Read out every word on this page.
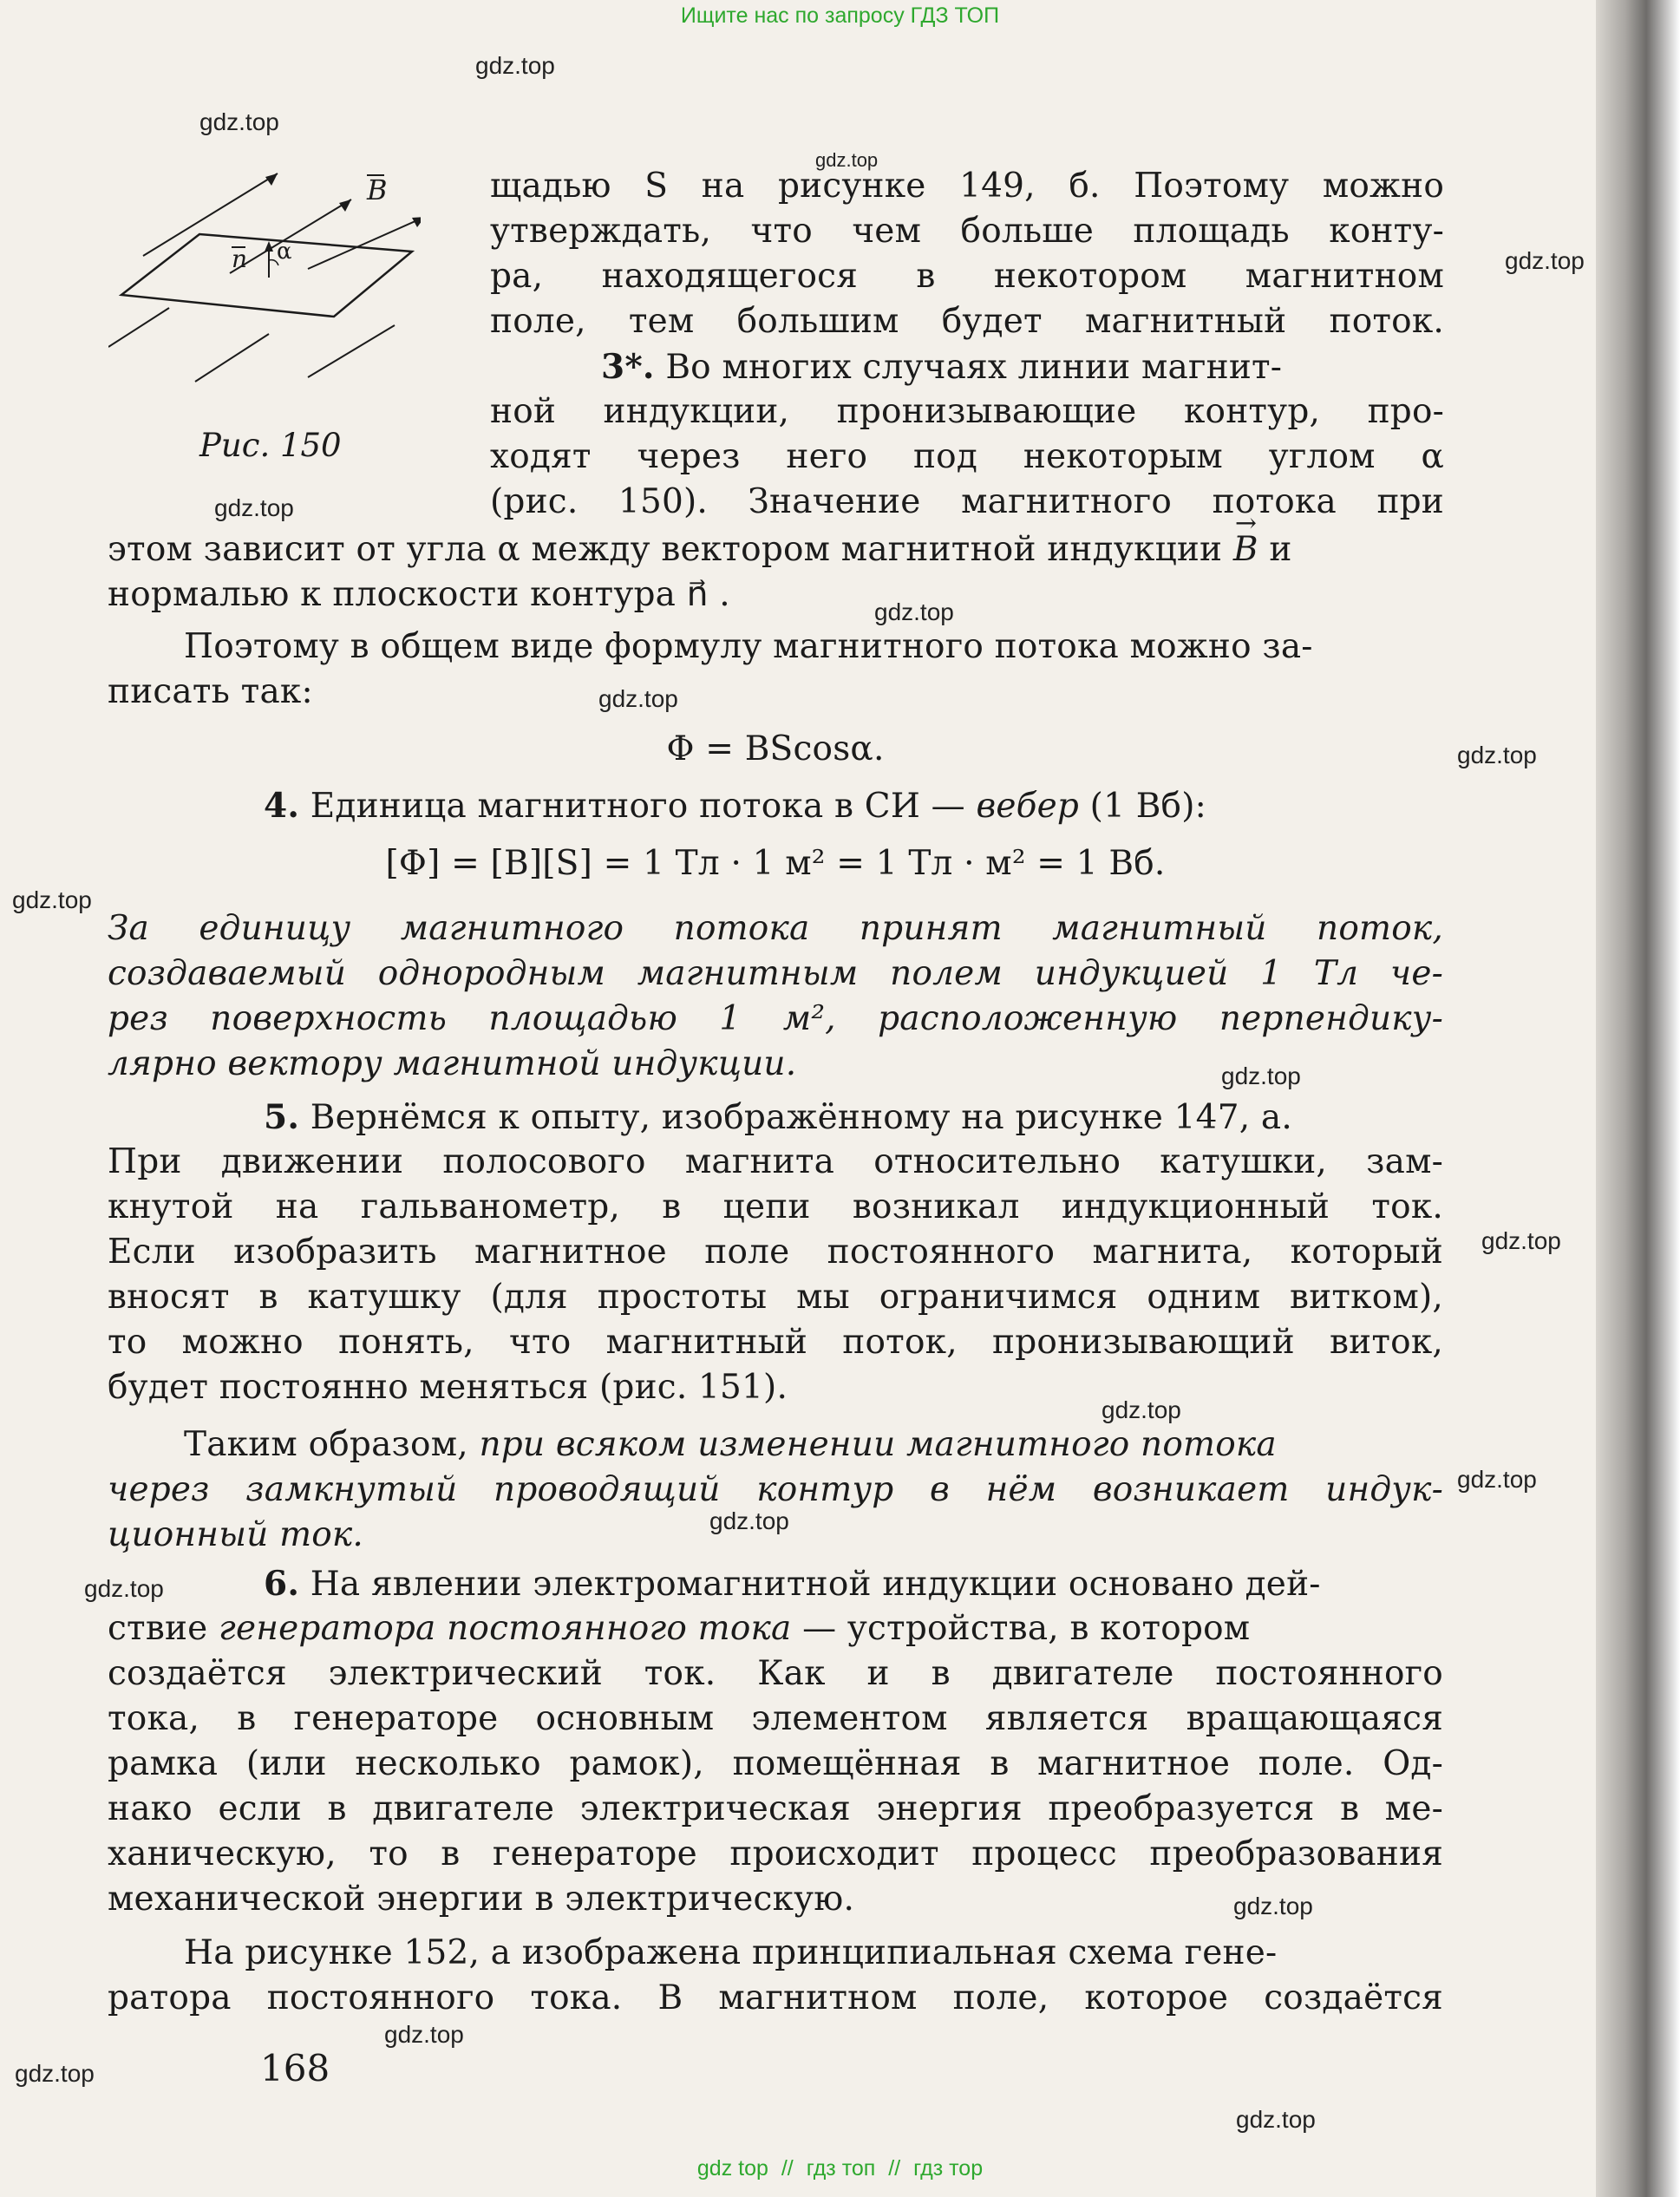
Ищите нас по запросу ГДЗ ТОП
B
n α
Рис. 150
щадью S на рисунке 149, б. Поэтому можно
утверждать, что чем больше площадь конту-
ра, находящегося в некотором магнитном
поле, тем большим будет магнитный поток.
3*. Во многих случаях линии магнит-
ной индукции, пронизывающие контур, про-
ходят через него под некоторым углом α
(рис. 150). Значение магнитного потока при
этом зависит от угла α между вектором магнитной индукции → B и
нормалью к плоскости контура n⃗ .
Поэтому в общем виде формулу магнитного потока можно за-
писать так:
Φ = BScosα.
4. Единица магнитного потока в СИ — вебер (1 Вб):
[Φ] = [B][S] = 1 Тл · 1 м² = 1 Тл · м² = 1 Вб.
За единицу магнитного потока принят магнитный поток,
создаваемый однородным магнитным полем индукцией 1 Тл че-
рез поверхность площадью 1 м², расположенную перпендику-
лярно вектору магнитной индукции.
5. Вернёмся к опыту, изображённому на рисунке 147, а.
При движении полосового магнита относительно катушки, зам-
кнутой на гальванометр, в цепи возникал индукционный ток.
Если изобразить магнитное поле постоянного магнита, который
вносят в катушку (для простоты мы ограничимся одним витком),
то можно понять, что магнитный поток, пронизывающий виток,
будет постоянно меняться (рис. 151).
Таким образом, при всяком изменении магнитного потока
через замкнутый проводящий контур в нём возникает индук-
ционный ток.
6. На явлении электромагнитной индукции основано дей-
ствие генератора постоянного тока — устройства, в котором
создаётся электрический ток. Как и в двигателе постоянного
тока, в генераторе основным элементом является вращающаяся
рамка (или несколько рамок), помещённая в магнитное поле. Од-
нако если в двигателе электрическая энергия преобразуется в ме-
ханическую, то в генераторе происходит процесс преобразования
механической энергии в электрическую.
На рисунке 152, а изображена принципиальная схема гене-
ратора постоянного тока. В магнитном поле, которое создаётся
168
gdz.top
gdz.top
gdz.top
gdz.top
gdz.top
gdz.top
gdz.top
gdz.top
gdz.top
gdz.top
gdz.top
gdz.top
gdz.top
gdz.top
gdz.top
gdz.top
gdz.top
gdz.top
gdz.top
gdz top // гдз топ // гдз тор
